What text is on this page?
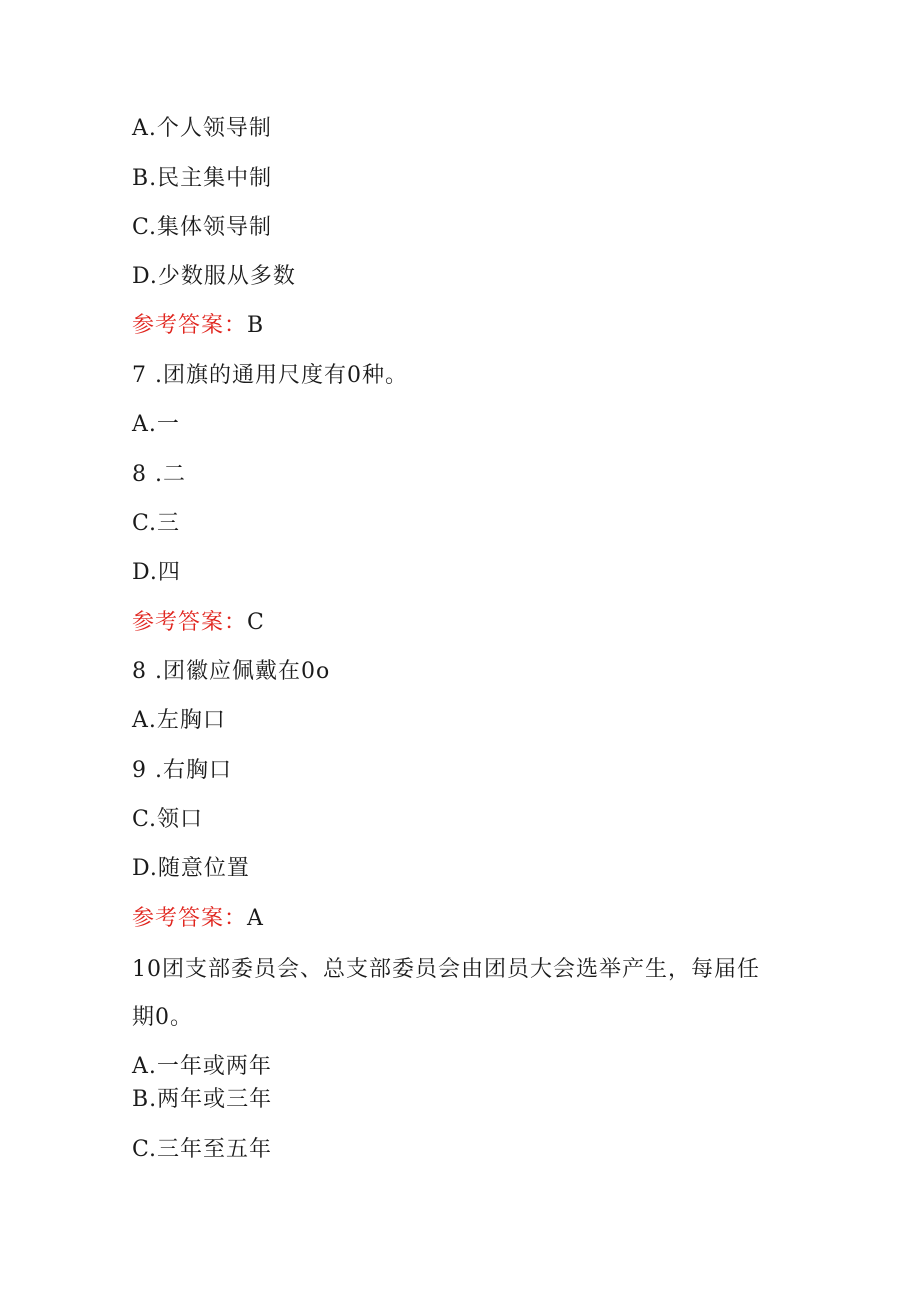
A.个人领导制
B.民主集中制
C.集体领导制
D.少数服从多数
参考答案：B
7 .团旗的通用尺度有0种。
A.一
8 .二
C.三
D.四
参考答案：C
8 .团徽应佩戴在0o
A.左胸口
9 .右胸口
C.领口
D.随意位置
参考答案：A
10团支部委员会、总支部委员会由团员大会选举产生，每届任
期0。
A.一年或两年
B.两年或三年
C.三年至五年
